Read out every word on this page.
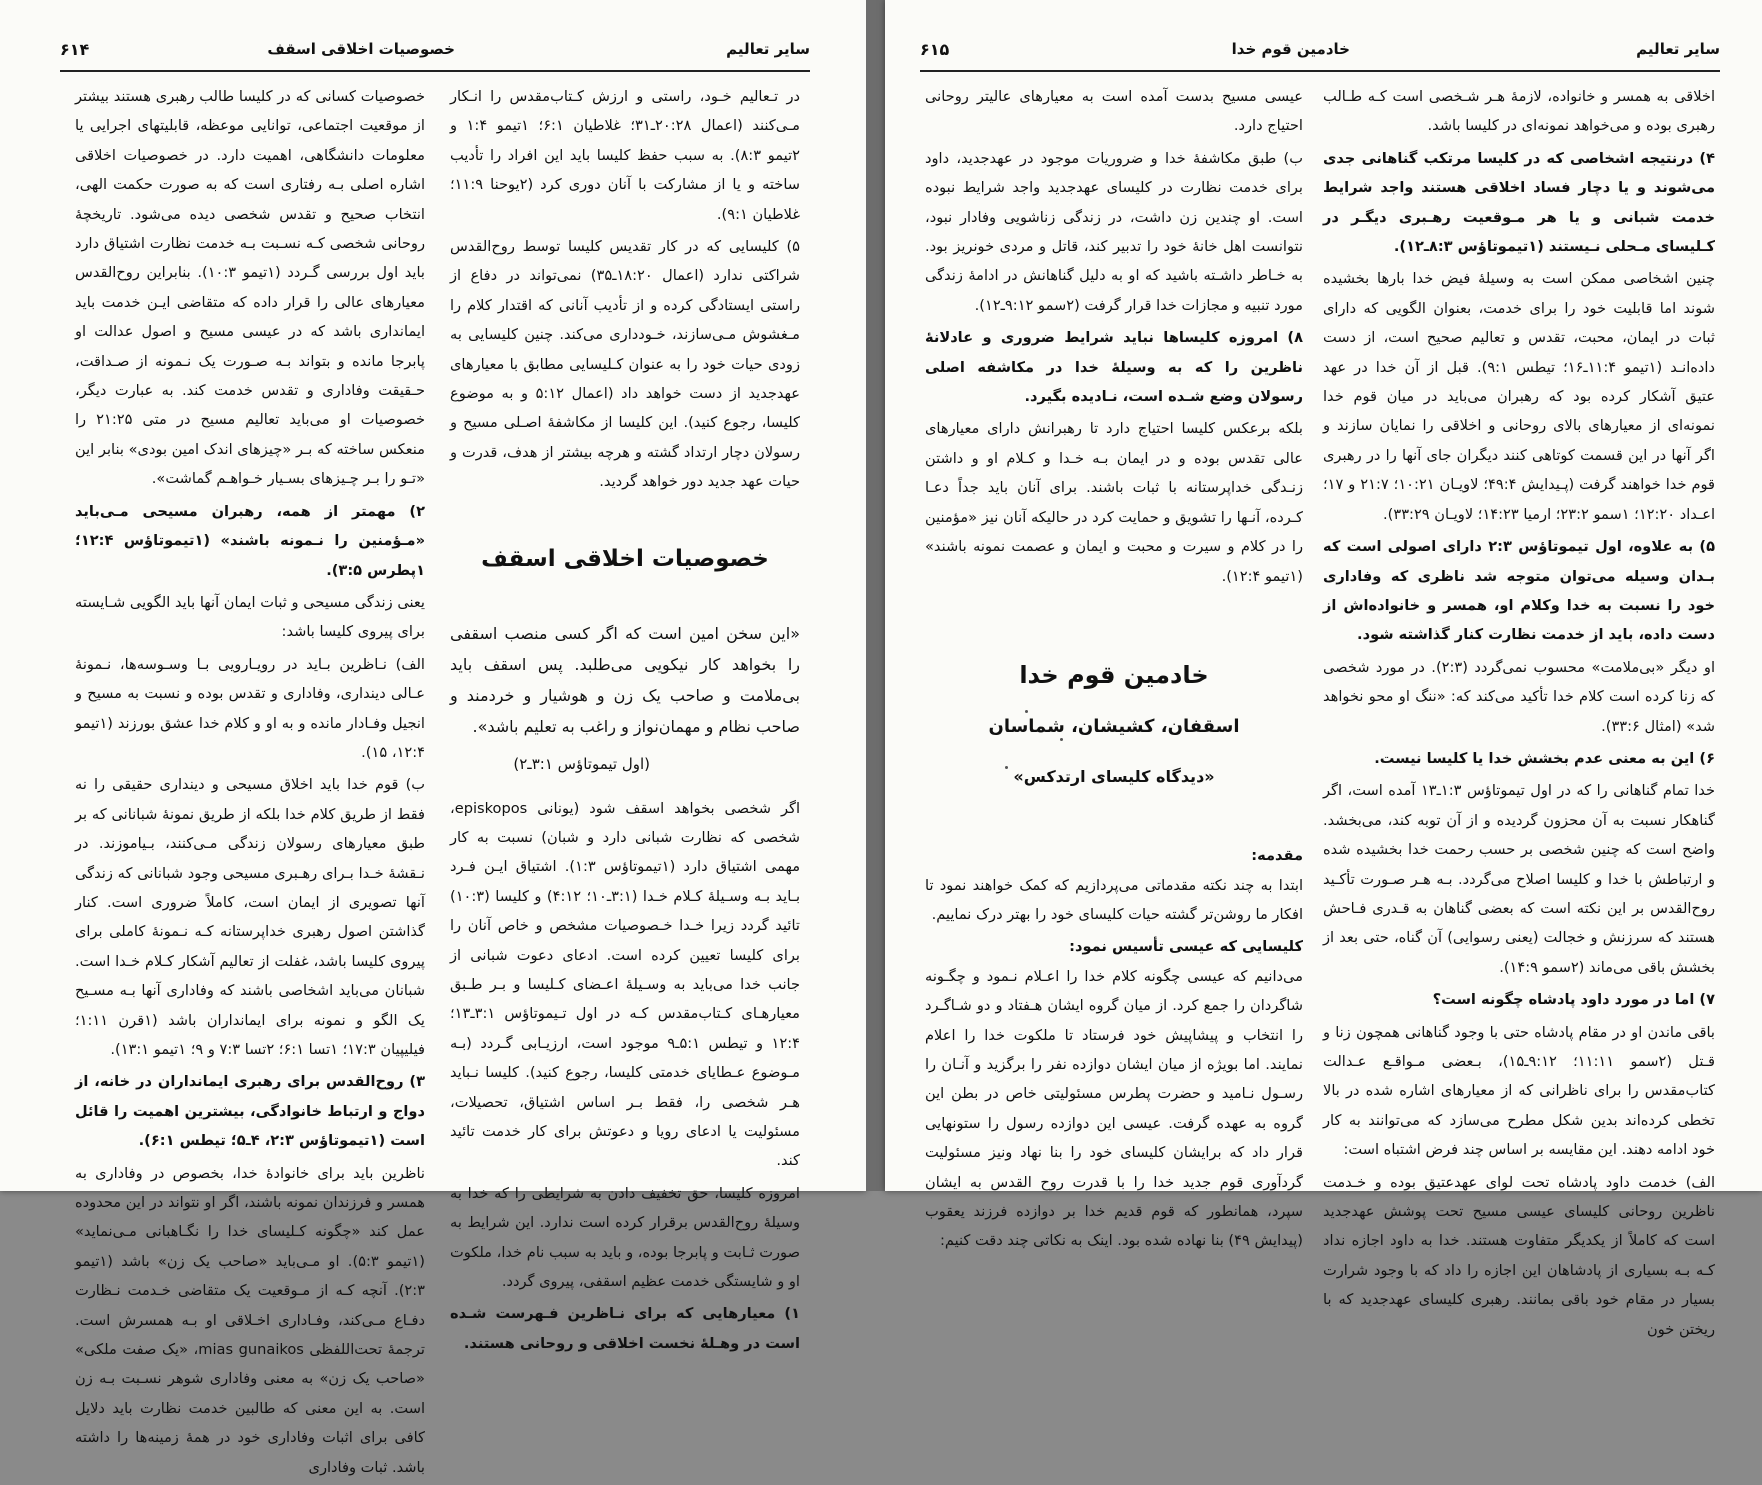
سایر تعالیم
خصوصیات اخلاقی اسقف
۶۱۴

در تـعالیم خـود، راستی و ارزش کـتاب‌مقدس را انـکار مـی‌کنند (اعمال ۲۰:۲۸ـ۳۱؛ غلاطیان ۶:۱؛ ۱تیمو ۱:۴ و ۲تیمو ۸:۳). به سبب حفظ کلیسا باید این افراد را تأدیب ساخته و یا از مشارکت با آنان دوری کرد (۲یوحنا ۱۱:۹؛ غلاطیان ۹:۱).

۵) کلیسایی که در کار تقدیس کلیسا توسط روح‌القدس شراکتی ندارد (اعمال ۱۸:۲۰ـ۳۵) نمی‌تواند در دفاع از راستی ایستادگی کرده و از تأدیب آنانی که اقتدار کلام را مـغشوش مـی‌سازند، خـودداری می‌کند. چنین کلیسایی به زودی حیات خود را به عنوان کـلیسایی مطابق با معیارهای عهدجدید از دست خواهد داد (اعمال ۵:۱۲ و به موضوع کلیسا، رجوع کنید). این کلیسا از مکاشفهٔ اصـلی مسیح و رسولان دچار ارتداد گشته و هرچه بیشتر از هدف، قدرت و حیات عهد جدید دور خواهد گردید.

خصوصیات اخلاقی اسقف

«این سخن امین است که اگر کسی منصب اسقفی را بخواهد کار نیکویی می‌طلبد. پس اسقف باید بی‌ملامت و صاحب یک زن و هوشیار و خردمند و صاحب نظام و مهمان‌نواز و راغب به تعلیم باشد».

(اول تیموتاؤس ۳:۱ـ۲)

اگر شخصی بخواهد اسقف شود (یونانی episkopos، شخصی که نظارت شبانی دارد و شبان) نسبت به کار مهمی اشتیاق دارد (۱تیموتاؤس ۱:۳). اشتیاق ایـن فـرد بـاید بـه وسـیلهٔ کـلام خـدا (۳:۱ـ۱۰؛ ۴:۱۲) و کلیسا (۱۰:۳) تائید گردد زیرا خـدا خـصوصیات مشخص و خاص آنان را برای کلیسا تعیین کرده است. ادعای دعوت شبانی از جانب خدا می‌باید به وسـیلهٔ اعـضای کـلیسا و بـر طـبق معیارهـای کـتاب‌مقدس کـه در اول تـیموتاؤس ۳:۱ـ۱۳؛ ۱۲:۴ و تیطس ۵:۱ـ۹ موجود است، ارزیـابی گـردد (بـه مـوضوع عـطایای خدمتی کلیسا، رجوع کنید). کلیسا نـباید هـر شخصی را، فقط بـر اساس اشتیاق، تحصیلات، مسئولیت یا ادعای رویا و دعوتش برای کار خدمت تائید کند.

امروزه کلیسا، حق تخفیف دادن به شرایطی را که خدا به وسیلهٔ روح‌القدس برقرار کرده است ندارد. این شرایط به صورت ثـابت و پابرجا بوده، و باید به سبب نام خدا، ملکوت او و شایستگی خدمت عظیم اسقفی، پیروی گردد.

۱) معیارهایی که برای نـاظرین فـهرست شـده است در وهـلهٔ نخست اخلاقی و روحانی هستند.

خصوصیات کسانی که در کلیسا طالب رهبری هستند بیشتر از موقعیت اجتماعی، توانایی موعظه، قابلیتهای اجرایی یا معلومات دانشگاهی، اهمیت دارد. در خصوصیات اخلاقی اشاره اصلی بـه رفتاری است که به صورت حکمت الهی، انتخاب صحیح و تقدس شخصی دیده می‌شود. تاریخچهٔ روحانی شخصی کـه نسـبت بـه خدمت نظارت اشتیاق دارد باید اول بررسی گـردد (۱تیمو ۱۰:۳). بنابراین روح‌القدس معیارهای عالی را قرار داده که متقاضی ایـن خدمت باید ایمانداری باشد که در عیسی مسیح و اصول عدالت او پابرجا مانده و بتواند بـه صـورت یک نـمونه از صـداقت، حـقیقت وفاداری و تقدس خدمت کند. به عبارت دیگر، خصوصیات او می‌باید تعالیم مسیح در متی ۲۱:۲۵ را منعکس ساخته که بـر «چیزهای اندک امین بودی» بنابر این «تـو را بـر چـیزهای بسـیار خـواهـم گماشت».

۲) مهمتر از همه، رهبران مسیحی مـی‌باید «مـؤمنین را نـمونه باشند» (۱تیموتاؤس ۱۲:۴؛ ۱پطرس ۳:۵).

یعنی زندگی مسیحی و ثبات ایمان آنها باید الگویی شـایسته برای پیروی کلیسا باشد:

الف) نـاظرین بـاید در رویـارویی بـا وسـوسه‌ها، نـمونهٔ عـالی دینداری، وفاداری و تقدس بوده و نسبت به مسیح و انجیل وفـادار مانده و به او و کلام خدا عشق بورزند (۱تیمو ۱۲:۴، ۱۵).

ب) قوم خدا باید اخلاق مسیحی و دینداری حقیقی را نه فقط از طریق کلام خدا بلکه از طریق نمونهٔ شبانانی که بر طبق معیارهای رسولان زندگی مـی‌کنند، بـیاموزند. در نـقشهٔ خـدا بـرای رهـبری مسیحی وجود شبانانی که زندگی آنها تصویری از ایمان است، کاملاً ضروری است. کنار گذاشتن اصول رهبری خداپرستانه کـه نـمونهٔ کاملی برای پیروی کلیسا باشد، غفلت از تعالیم آشکار کـلام خـدا است. شبانان می‌باید اشخاصی باشند که وفاداری آنها بـه مسـیح یک الگو و نمونه برای ایمانداران باشد (۱قرن ۱:۱۱؛ فیلیپیان ۱۷:۳؛ ۱تسا ۶:۱؛ ۲تسا ۷:۳ و ۹؛ ۱تیمو ۱۳:۱).

۳) روح‌القدس برای رهبری ایمانداران در خانه، از دواج و ارتباط خانوادگی، بیشترین اهمیت را قائل است (۱تیموتاؤس ۲:۳، ۴ـ۵؛ تیطس ۶:۱).

ناظرین باید برای خانوادهٔ خدا، بخصوص در وفاداری به همسر و فرزندان نمونه باشند، اگر او نتواند در این محدوده عمل کند «چگونه کـلیسای خدا را نگـاهبانی مـی‌نماید» (۱تیمو ۵:۳). او مـی‌باید «صاحب یک زن» باشد (۱تیمو ۲:۳). آنچه کـه از مـوقعیت یک متقاضی خـدمت نـظارت دفـاع مـی‌کند، وفـاداری اخـلاقی او بـه همسرش است. ترجمهٔ تحت‌اللفظی mias gunaikos، «یک صفت ملکی» «صاحب یک زن» به معنی وفاداری شوهر نسـبت بـه زن است. به این معنی که طالبین خدمت نظارت باید دلایل کافی برای اثبات وفاداری خود در همهٔ زمینه‌ها را داشته باشد. ثبات وفاداری

سایر تعالیم
خادمین قوم خدا
۶۱۵

اخلاقی به همسر و خانواده، لازمهٔ هـر شـخصی است کـه طـالب رهبری بوده و می‌خواهد نمونه‌ای در کلیسا باشد.

۴) درنتیجه اشخاصی که در کلیسا مرتکب گناهانی جدی می‌شوند و یا دچار فساد اخلاقی هستند واجد شرایط خدمت شبانی و یا هر مـوقعیت رهـبری دیگـر در کـلیسای مـحلی نـیستند (۱تیموتاؤس ۸:۳ـ۱۲).

چنین اشخاصی ممکن است به وسیلهٔ فیض خدا بارها بخشیده شوند اما قابلیت خود را برای خدمت، بعنوان الگویی که دارای ثبات در ایمان، محبت، تقدس و تعالیم صحیح است، از دست داده‌انـد (۱تیمو ۱۱:۴ـ۱۶؛ تیطس ۹:۱). قبل از آن خدا در عهد عتیق آشکار کرده بود که رهبران می‌باید در میان قوم خدا نمونه‌ای از معیارهای بالای روحانی و اخلاقی را نمایان سازند و اگر آنها در این قسمت کوتاهی کنند دیگران جای آنها را در رهبری قوم خدا خواهند گرفت (پـیدایش ۴۹:۴؛ لاویـان ۱۰:۲۱؛ ۲۱:۷ و ۱۷؛ اعـداد ۱۲:۲۰؛ ۱سمو ۲۳:۲؛ ارمیا ۱۴:۲۳؛ لاویـان ۳۳:۲۹).

۵) به علاوه، اول تیموتاؤس ۲:۳ دارای اصولی است که بـدان وسیله می‌توان متوجه شد ناظری که وفاداری خود را نسبت به خدا وکلام او، همسر و خانواده‌اش از دست داده، باید از خدمت نظارت کنار گذاشته شود.

او دیگر «بی‌ملامت» محسوب نمی‌گردد (۲:۳). در مورد شخصی که زنا کرده است کلام خدا تأکید می‌کند که: «ننگ او محو نخواهد شد» (امثال ۳۳:۶).

۶) این به معنی عدم بخشش خدا یا کلیسا نیست.

خدا تمام گناهانی را که در اول تیموتاؤس ۱:۳ـ۱۳ آمده است، اگر گناهکار نسبت به آن محزون گردیده و از آن توبه کند، می‌بخشد. واضح است که چنین شخصی بر حسب رحمت خدا بخشیده شده و ارتباطش با خدا و کلیسا اصلاح می‌گردد. بـه هـر صـورت تأکـید روح‌القدس بر این نکته است که بعضی گناهان به قـدری فـاحش هستند که سرزنش و خجالت (یعنی رسوایی) آن گناه، حتی بعد از بخشش باقی می‌ماند (۲سمو ۱۴:۹).

۷) اما در مورد داود پادشاه چگونه است؟

باقی ماندن او در مقام پادشاه حتی با وجود گناهانی همچون زنا و قـتل (۲سمو ۱۱:۱۱؛ ۹:۱۲ـ۱۵)، بـعضی مـواقـع عـدالت کتاب‌مقدس را برای ناظرانی که از معیارهای اشاره شده در بالا تخطی کرده‌اند بدین شکل مطرح می‌سازد که می‌توانند به کار خود ادامه دهند. این مقایسه بر اساس چند فرض اشتباه است:

الف) خدمت داود پادشاه تحت لوای عهدعتیق بوده و خـدمت ناظرین روحانی کلیسای عیسی مسیح تحت پوشش عهدجدید است که کاملاً از یکدیگر متفاوت هستند. خدا به داود اجازه نداد کـه بـه بسیاری از پادشاهان این اجازه را داد که با وجود شرارت بسیار در مقام خود باقی بمانند. رهبری کلیسای عهدجدید که با ریختن خون

عیسی مسیح بدست آمده است به معیارهای عالیتر روحانی احتیاج دارد.

ب) طبق مکاشفهٔ خدا و ضروریات موجود در عهدجدید، داود برای خدمت نظارت در کلیسای عهدجدید واجد شرایط نبوده است. او چندین زن داشت، در زندگی زناشویی وفادار نبود، نتوانست اهل خانهٔ خود را تدبیر کند، قاتل و مردی خونریز بود. به خـاطر داشـته باشید که او به دلیل گناهانش در ادامهٔ زندگی مورد تنبیه و مجازات خدا قرار گرفت (۲سمو ۹:۱۲ـ۱۲).

۸) امروزه کلیساها نباید شرایط ضروری و عادلانهٔ ناظرین را که به وسیلهٔ خدا در مکاشفه اصلی رسولان وضع شـده است، نـادیده بگیرد.

بلکه برعکس کلیسا احتیاج دارد تا رهبرانش دارای معیارهای عالی تقدس بوده و در ایمان بـه خـدا و کـلام او و داشتن زنـدگی خداپرستانه با ثبات باشند. برای آنان باید جداً دعـا کـرده، آنـها را تشویق و حمایت کرد در حالیکه آنان نیز «مؤمنین را در کلام و سیرت و محبت و ایمان و عصمت نمونه باشند» (۱تیمو ۱۲:۴).

خادمین قوم خدا
اسقفان، کشیشان، شماسان
«دیدگاه کلیسای ارتدکس»

مقدمه:

ابتدا به چند نکته مقدماتی می‌پردازیم که کمک خواهند نمود تا افکار ما روشن‌تر گشته حیات کلیسای خود را بهتر درک نماییم.

کلیسایی که عیسی تأسیس نمود:

می‌دانیم که عیسی چگونه کلام خدا را اعـلام نـمود و چگـونه شاگردان را جمع کرد. از میان گروه ایشان هـفتاد و دو شـاگـرد را انتخاب و پیشاپیش خود فرستاد تا ملکوت خدا را اعلام نمایند. اما بویژه از میان ایشان دوازده نفر را برگزید و آنـان را رسـول نـامید و حضرت پطرس مسئولیتی خاص در بطن این گروه به عهده گرفت. عیسی این دوازده رسول را ستونهایی قرار داد که برایشان کلیسای خود را بنا نهاد ونیز مسئولیت گردآوری قوم جدید خدا را با قدرت روح القدس به ایشان سپرد، همانطور که قوم قدیم خدا بر دوازده فرزند یعقوب (پیدایش ۴۹) بنا نهاده شده بود. اینک به نکاتی چند دقت کنیم:
